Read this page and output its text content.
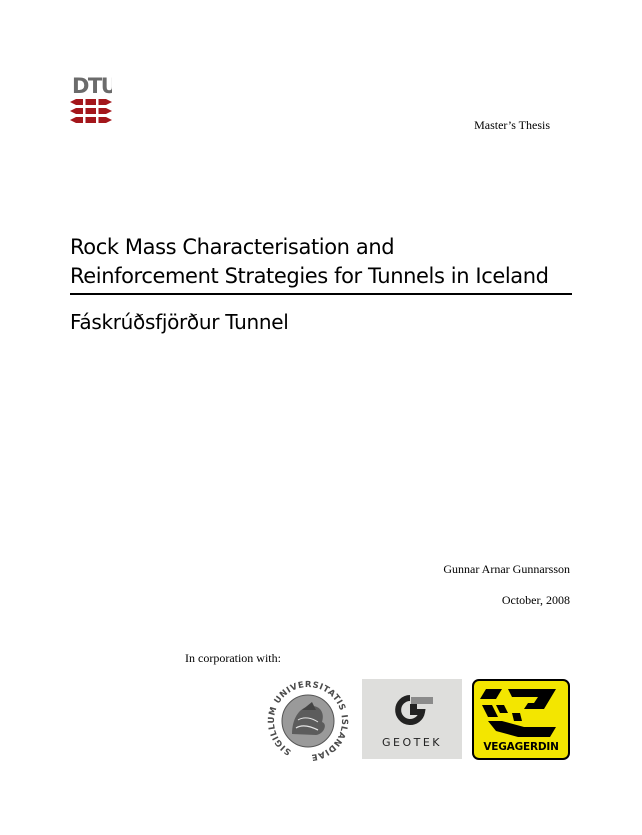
DTU
Master’s Thesis
Rock Mass Characterisation and
Reinforcement Strategies for Tunnels in Iceland
Fáskrúðsfjörður Tunnel
Gunnar Arnar Gunnarsson
October, 2008
In corporation with:
SIGILLUM UNIVERSITATIS ISLANDIAE
GEOTEK	VEGAGERDIN
